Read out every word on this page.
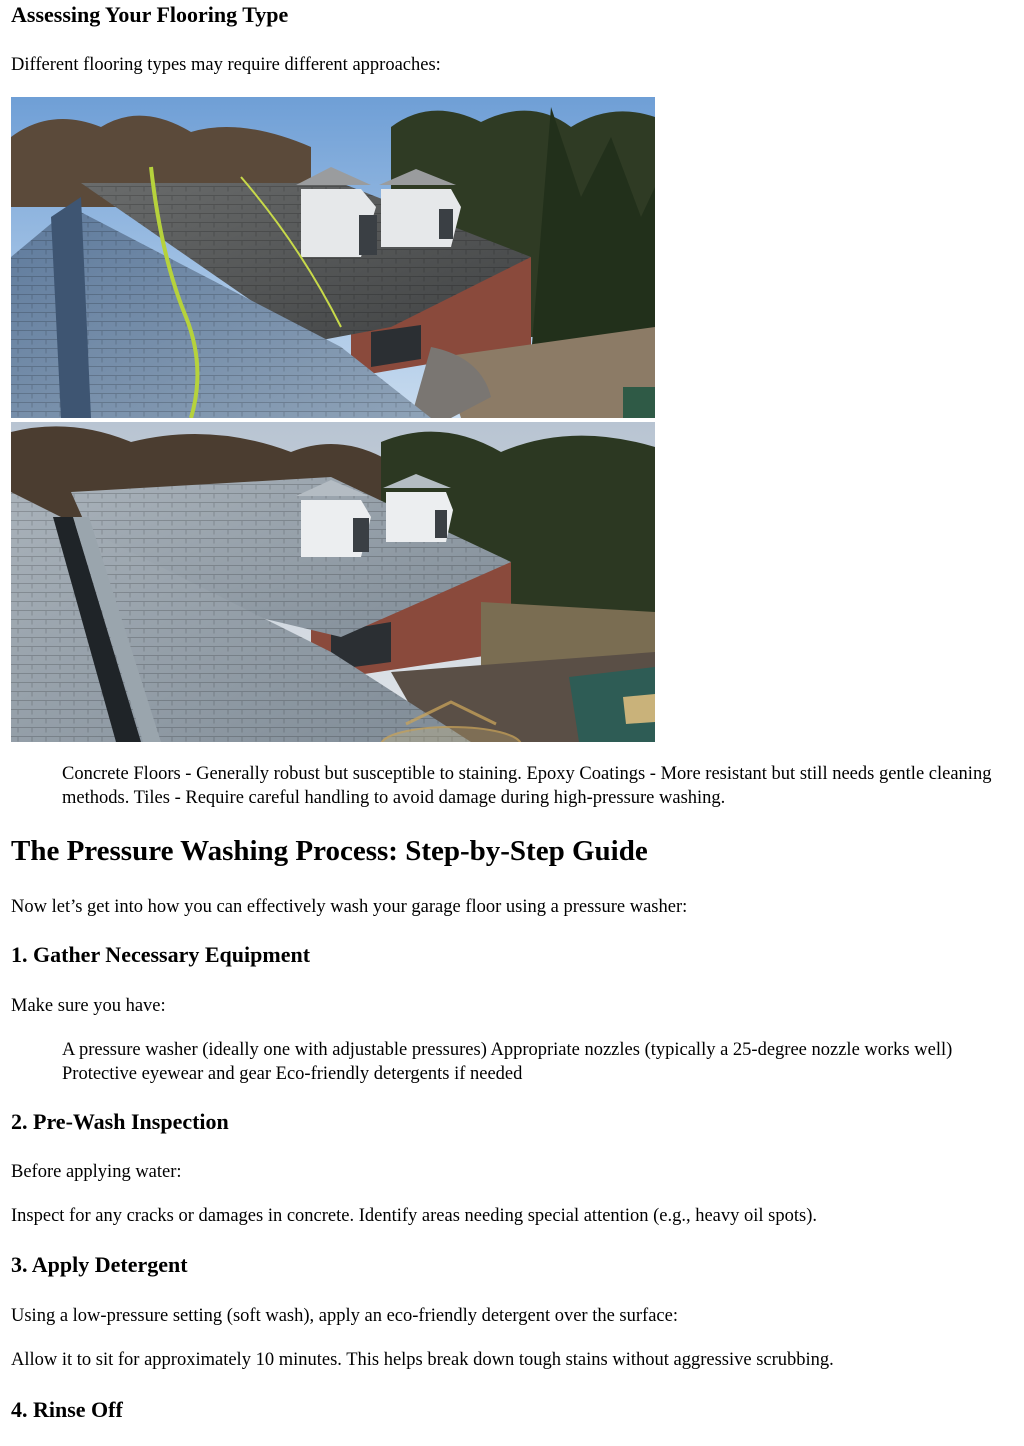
Assessing Your Flooring Type

Different flooring types may require different approaches:

Concrete Floors - Generally robust but susceptible to staining. Epoxy Coatings - More resistant but still needs gentle cleaning methods. Tiles - Require careful handling to avoid damage during high-pressure washing.
The Pressure Washing Process: Step-by-Step Guide

Now let’s get into how you can effectively wash your garage floor using a pressure washer:

1. Gather Necessary Equipment

Make sure you have:

A pressure washer (ideally one with adjustable pressures) Appropriate nozzles (typically a 25-degree nozzle works well) Protective eyewear and gear Eco-friendly detergents if needed
2. Pre-Wash Inspection

Before applying water:

Inspect for any cracks or damages in concrete. Identify areas needing special attention (e.g., heavy oil spots).

3. Apply Detergent

Using a low-pressure setting (soft wash), apply an eco-friendly detergent over the surface:

Allow it to sit for approximately 10 minutes. This helps break down tough stains without aggressive scrubbing.

4. Rinse Off
